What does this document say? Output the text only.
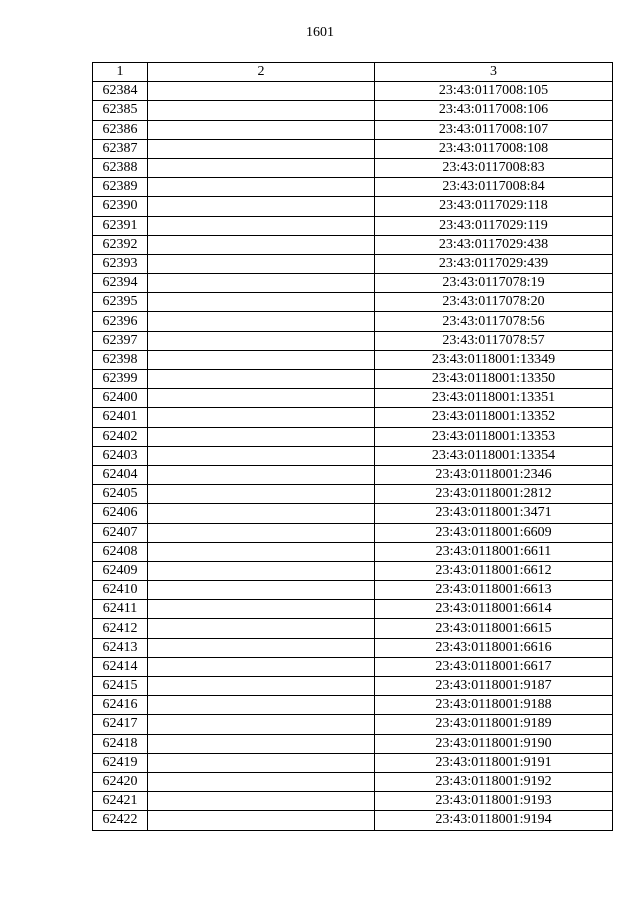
1601
1	2	3
62384		23:43:0117008:105
62385		23:43:0117008:106
62386		23:43:0117008:107
62387		23:43:0117008:108
62388		23:43:0117008:83
62389		23:43:0117008:84
62390		23:43:0117029:118
62391		23:43:0117029:119
62392		23:43:0117029:438
62393		23:43:0117029:439
62394		23:43:0117078:19
62395		23:43:0117078:20
62396		23:43:0117078:56
62397		23:43:0117078:57
62398		23:43:0118001:13349
62399		23:43:0118001:13350
62400		23:43:0118001:13351
62401		23:43:0118001:13352
62402		23:43:0118001:13353
62403		23:43:0118001:13354
62404		23:43:0118001:2346
62405		23:43:0118001:2812
62406		23:43:0118001:3471
62407		23:43:0118001:6609
62408		23:43:0118001:6611
62409		23:43:0118001:6612
62410		23:43:0118001:6613
62411		23:43:0118001:6614
62412		23:43:0118001:6615
62413		23:43:0118001:6616
62414		23:43:0118001:6617
62415		23:43:0118001:9187
62416		23:43:0118001:9188
62417		23:43:0118001:9189
62418		23:43:0118001:9190
62419		23:43:0118001:9191
62420		23:43:0118001:9192
62421		23:43:0118001:9193
62422		23:43:0118001:9194
